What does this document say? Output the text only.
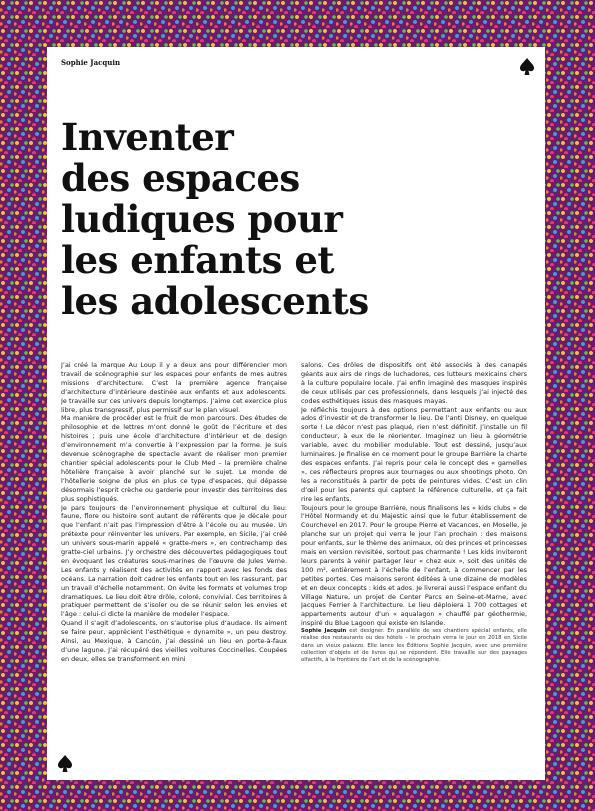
Sophie Jacquin
Inventer
des espaces
ludiques pour
les enfants et
les adolescents

J’ai créé la marque Au Loup il y a deux ans pour différencier mon travail de scénographie sur les espaces pour enfants de mes autres missions d’architecture. C’est la première agence française d’architecture d’intérieure destinée aux enfants et aux adolescents. Je travaille sur ces univers depuis longtemps. J’aime cet exercice plus libre, plus transgressif, plus permissif sur le plan visuel.

Ma manière de procéder est le fruit de mon parcours. Des études de philosophie et de lettres m’ont donné le goût de l’écriture et des histoires ; puis une école d’architecture d’intérieur et de design d’environnement m’a convertie à l’expression par la forme. Je suis devenue scénographe de spectacle avant de réaliser mon premier chantier spécial adolescents pour le Club Med – la première chaîne hôtelière française à avoir planché sur le sujet. Le monde de l’hôtellerie soigne de plus en plus ce type d’espaces, qui dépasse désormais l’esprit crèche ou garderie pour investir des territoires des plus sophistiqués.

Je pars toujours de l’environnement physique et culturel du lieu: faune, flore ou histoire sont autant de référents que je décale pour que l’enfant n’ait pas l’impression d’être à l’école ou au musée. Un prétexte pour réinventer les univers. Par exemple, en Sicile, j’ai créé un univers sous-marin appelé « gratte-mers », en contrechamp des gratte-ciel urbains. J’y orchestre des découvertes pédagogiques tout en évoquant les créatures sous-marines de l’œuvre de Jules Verne. Les enfants y réalisent des activités en rapport avec les fonds des océans. La narration doit cadrer les enfants tout en les rassurant, par un travail d’échelle notamment. On évite les formats et volumes trop dramatiques. Le lieu doit être drôle, coloré, convivial. Ces territoires à pratiquer permettent de s’isoler ou de se réunir selon les envies et l’âge : celui-ci dicte la manière de modeler l’espace.

Quand il s’agit d’adolescents, on s’autorise plus d’audace. Ils aiment se faire peur, apprécient l’esthétique « dynamite », un peu destroy. Ainsi, au Mexique, à Cancún, j’ai dessiné un lieu en porte-à-faux d’une lagune. J’ai récupéré des vieilles voitures Coccinelles. Coupées en deux, elles se transforment en mini

salons. Ces drôles de dispositifs ont été associés à des canapés géants aux airs de rings de luchadores, ces lutteurs mexicains chers à la culture populaire locale. J’ai enfin imaginé des masques inspirés de ceux utilisés par ces professionnels, dans lesquels j’ai injecté des codes esthétiques issus des masques mayas.

Je réfléchis toujours à des options permettant aux enfants ou aux ados d’investir et de transformer le lieu. De l’anti Disney, en quelque sorte ! Le décor n’est pas plaqué, rien n’est définitif. J’installe un fil conducteur, à eux de le réorienter. Imaginez un lieu à géométrie variable, avec du mobilier modulable. Tout est dessiné, jusqu’aux luminaires. Je finalise en ce moment pour le groupe Barrière la charte des espaces enfants. J’ai repris pour cela le concept des « gamelles », ces réflecteurs propres aux tournages ou aux shootings photo. On les a reconstitués à partir de pots de peintures vides. C’est un clin d’œil pour les parents qui captent la référence culturelle, et ça fait rire les enfants.

Toujours pour le groupe Barrière, nous finalisons les « kids clubs » de l’Hôtel Normandy et du Majestic ainsi que le futur établissement de Courchevel en 2017. Pour le groupe Pierre et Vacances, en Moselle, je planche sur un projet qui verra le jour l’an prochain : des maisons pour enfants, sur le thème des animaux, où des princes et princesses mais en version revisitée, sortout pas charmante ! Les kids inviteront leurs parents à venir partager leur « chez eux », soit des unités de 100 m², entièrement à l’échelle de l’enfant, à commencer par les petites portes. Ces maisons seront éditées à une dizaine de modèles et en deux concepts : kids et ados. Je livrerai aussi l’espace enfant du Village Nature, un projet de Center Parcs en Seine-et-Marne, avec Jacques Ferrier à l’architecture. Le lieu déploiera 1 700 cottages et appartements autour d’un « aqualagon » chauffé par géothermie, inspiré du Blue Lagoon qui existe en Islande.

Sophie Jacquin est designer. En parallèle de ses chantiers spécial enfants, elle réalise des restaurants ou des hôtels – le prochain verra le jour en 2018 en Sicile dans un vieux palazzo. Elle lance les Éditions Sophie Jacquin, avec une première collection d’objets et de livres qui se répondent. Elle travaille sur des paysages olfactifs, à la frontière de l’art et de la scénographie.
